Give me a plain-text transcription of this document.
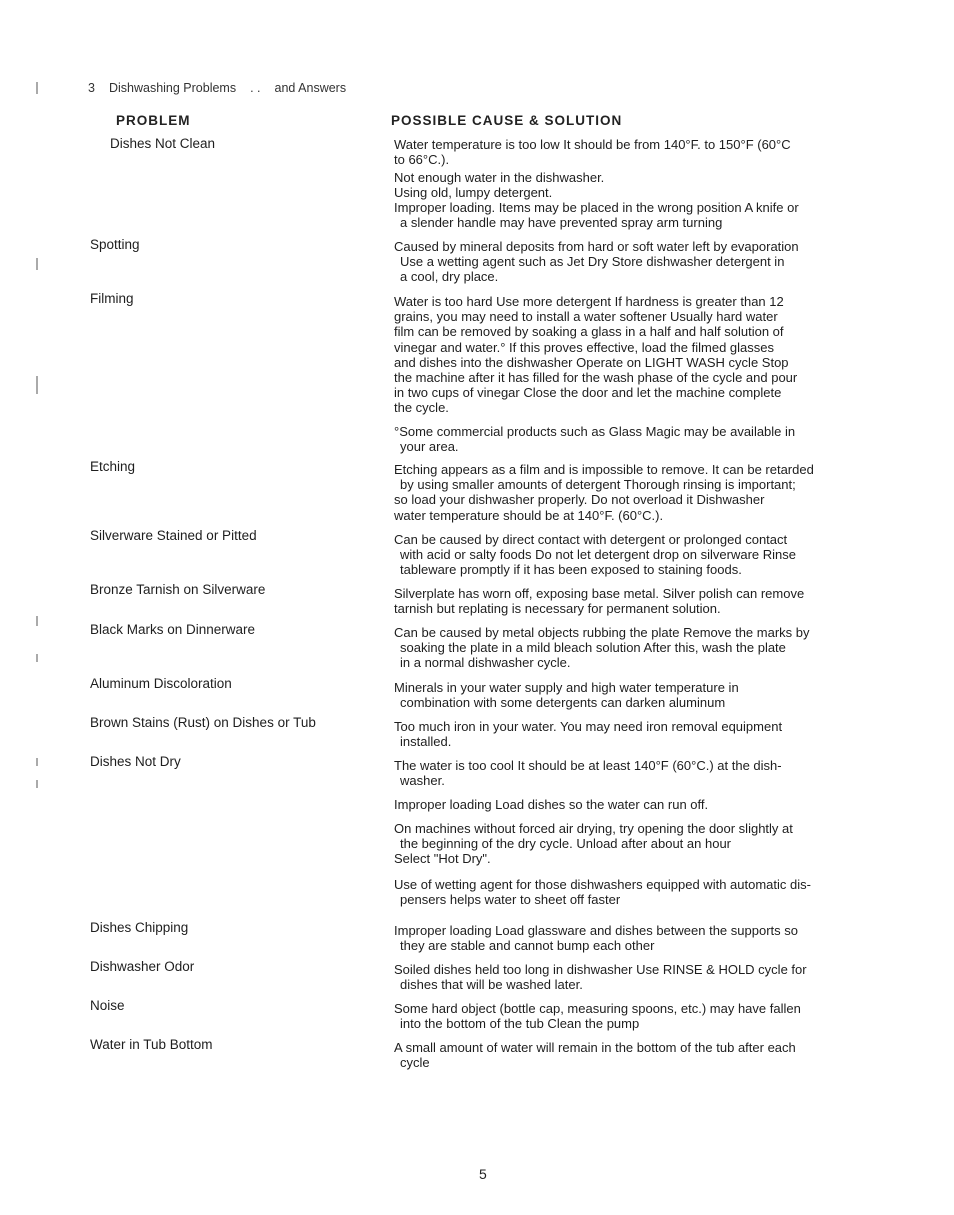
3 Dishwashing Problems . . and Answers
PROBLEM	POSSIBLE CAUSE & SOLUTION
Dishes Not Clean
Spotting
Filming
Etching
Silverware Stained or Pitted
Bronze Tarnish on Silverware
Black Marks on Dinnerware
Aluminum Discoloration
Brown Stains (Rust) on Dishes or Tub
Dishes Not Dry
Dishes Chipping
Dishwasher Odor
Noise
Water in Tub Bottom
Water temperature is too low It should be from 140°F. to 150°F (60°C
to 66°C.).
Not enough water in the dishwasher.
Using old, lumpy detergent.
Improper loading. Items may be placed in the wrong position A knife or
a slender handle may have prevented spray arm turning
Caused by mineral deposits from hard or soft water left by evaporation
Use a wetting agent such as Jet Dry Store dishwasher detergent in
a cool, dry place.
Water is too hard Use more detergent If hardness is greater than 12
grains, you may need to install a water softener Usually hard water
film can be removed by soaking a glass in a half and half solution of
vinegar and water.° If this proves effective, load the filmed glasses
and dishes into the dishwasher Operate on LIGHT WASH cycle Stop
the machine after it has filled for the wash phase of the cycle and pour
in two cups of vinegar Close the door and let the machine complete
the cycle.
°Some commercial products such as Glass Magic may be available in
your area.
Etching appears as a film and is impossible to remove. It can be retarded
by using smaller amounts of detergent Thorough rinsing is important;
so load your dishwasher properly. Do not overload it Dishwasher
water temperature should be at 140°F. (60°C.).
Can be caused by direct contact with detergent or prolonged contact
with acid or salty foods Do not let detergent drop on silverware Rinse
tableware promptly if it has been exposed to staining foods.
Silverplate has worn off, exposing base metal. Silver polish can remove
tarnish but replating is necessary for permanent solution.
Can be caused by metal objects rubbing the plate Remove the marks by
soaking the plate in a mild bleach solution After this, wash the plate
in a normal dishwasher cycle.
Minerals in your water supply and high water temperature in
combination with some detergents can darken aluminum
Too much iron in your water. You may need iron removal equipment
installed.
The water is too cool It should be at least 140°F (60°C.) at the dish-
washer.
Improper loading Load dishes so the water can run off.
On machines without forced air drying, try opening the door slightly at
the beginning of the dry cycle. Unload after about an hour
Select "Hot Dry".
Use of wetting agent for those dishwashers equipped with automatic dis-
pensers helps water to sheet off faster
Improper loading Load glassware and dishes between the supports so
they are stable and cannot bump each other
Soiled dishes held too long in dishwasher Use RINSE & HOLD cycle for
dishes that will be washed later.
Some hard object (bottle cap, measuring spoons, etc.) may have fallen
into the bottom of the tub Clean the pump
A small amount of water will remain in the bottom of the tub after each
cycle
5
